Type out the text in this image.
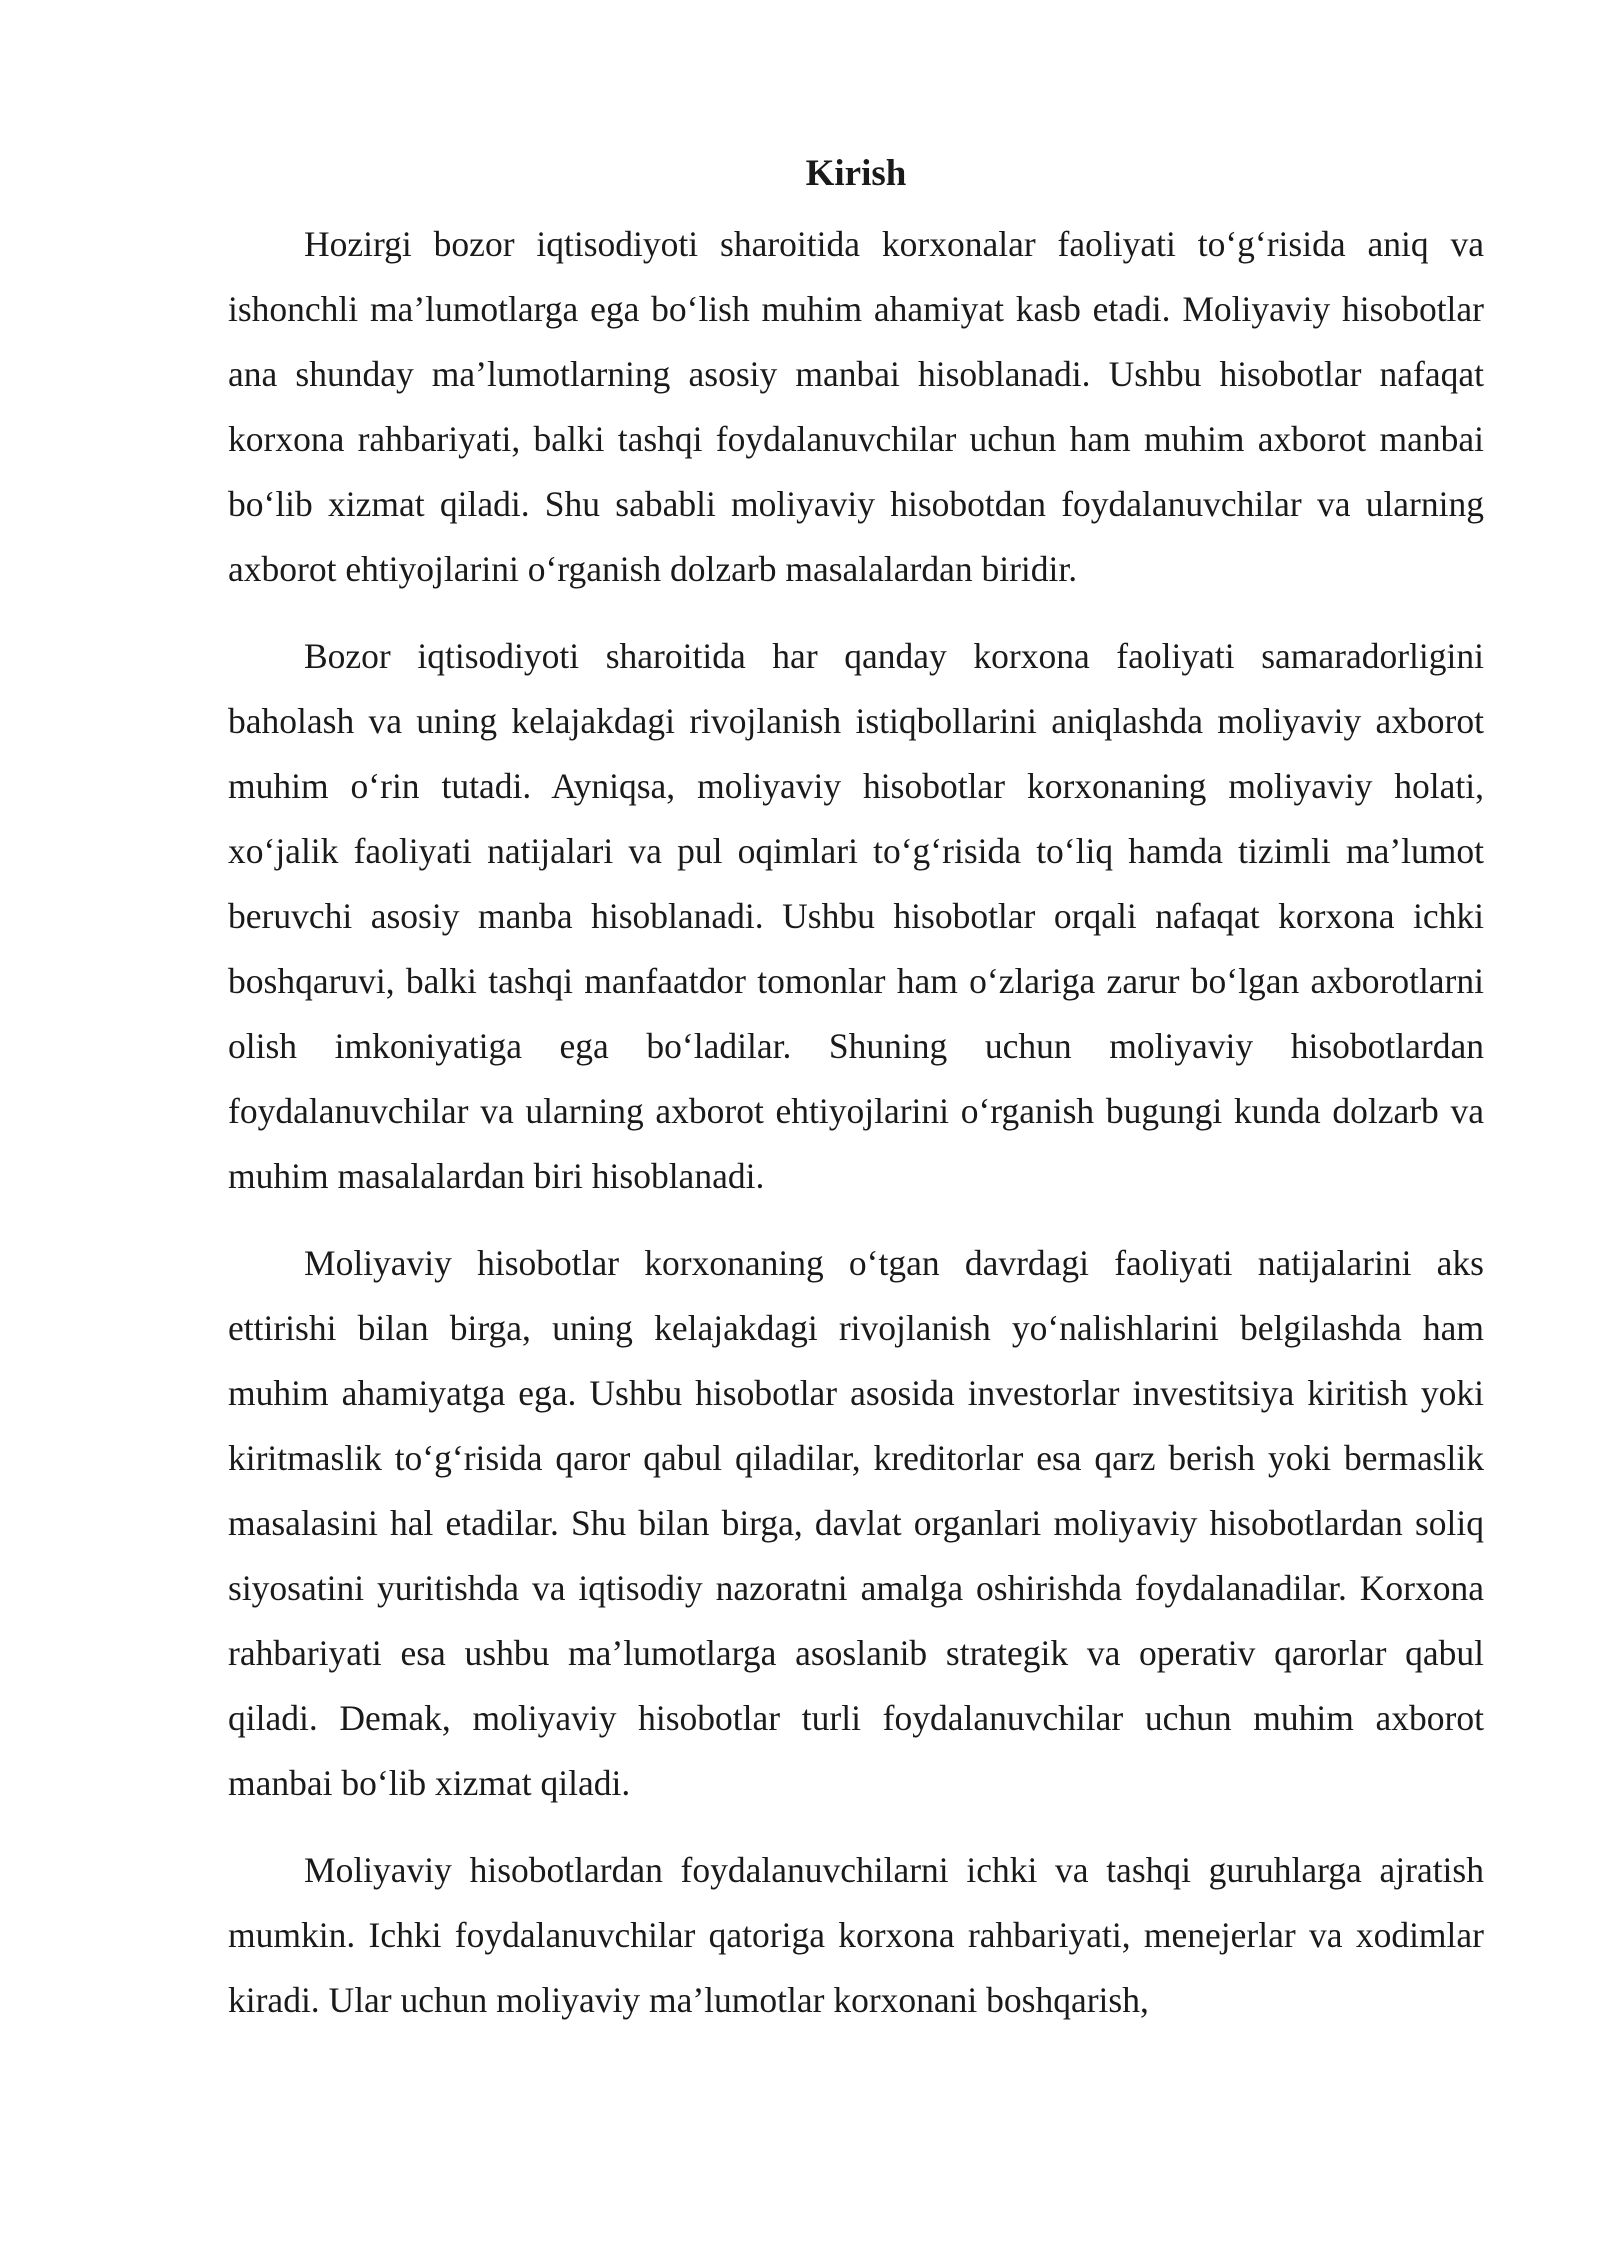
Kirish

Hozirgi bozor iqtisodiyoti sharoitida korxonalar faoliyati to‘g‘risida aniq va ishonchli ma’lumotlarga ega bo‘lish muhim ahamiyat kasb etadi. Moliyaviy hisobotlar ana shunday ma’lumotlarning asosiy manbai hisoblanadi. Ushbu hisobotlar nafaqat korxona rahbariyati, balki tashqi foydalanuvchilar uchun ham muhim axborot manbai bo‘lib xizmat qiladi. Shu sababli moliyaviy hisobotdan foydalanuvchilar va ularning axborot ehtiyojlarini o‘rganish dolzarb masalalardan biridir.

Bozor iqtisodiyoti sharoitida har qanday korxona faoliyati samaradorligini baholash va uning kelajakdagi rivojlanish istiqbollarini aniqlashda moliyaviy axborot muhim o‘rin tutadi. Ayniqsa, moliyaviy hisobotlar korxonaning moliyaviy holati, xo‘jalik faoliyati natijalari va pul oqimlari to‘g‘risida to‘liq hamda tizimli ma’lumot beruvchi asosiy manba hisoblanadi. Ushbu hisobotlar orqali nafaqat korxona ichki boshqaruvi, balki tashqi manfaatdor tomonlar ham o‘zlariga zarur bo‘lgan axborotlarni olish imkoniyatiga ega bo‘ladilar. Shuning uchun moliyaviy hisobotlardan foydalanuvchilar va ularning axborot ehtiyojlarini o‘rganish bugungi kunda dolzarb va muhim masalalardan biri hisoblanadi.

Moliyaviy hisobotlar korxonaning o‘tgan davrdagi faoliyati natijalarini aks ettirishi bilan birga, uning kelajakdagi rivojlanish yo‘nalishlarini belgilashda ham muhim ahamiyatga ega. Ushbu hisobotlar asosida investorlar investitsiya kiritish yoki kiritmaslik to‘g‘risida qaror qabul qiladilar, kreditorlar esa qarz berish yoki bermaslik masalasini hal etadilar. Shu bilan birga, davlat organlari moliyaviy hisobotlardan soliq siyosatini yuritishda va iqtisodiy nazoratni amalga oshirishda foydalanadilar. Korxona rahbariyati esa ushbu ma’lumotlarga asoslanib strategik va operativ qarorlar qabul qiladi. Demak, moliyaviy hisobotlar turli foydalanuvchilar uchun muhim axborot manbai bo‘lib xizmat qiladi.

Moliyaviy hisobotlardan foydalanuvchilarni ichki va tashqi guruhlarga ajratish mumkin. Ichki foydalanuvchilar qatoriga korxona rahbariyati, menejerlar va xodimlar kiradi. Ular uchun moliyaviy ma’lumotlar korxonani boshqarish,
